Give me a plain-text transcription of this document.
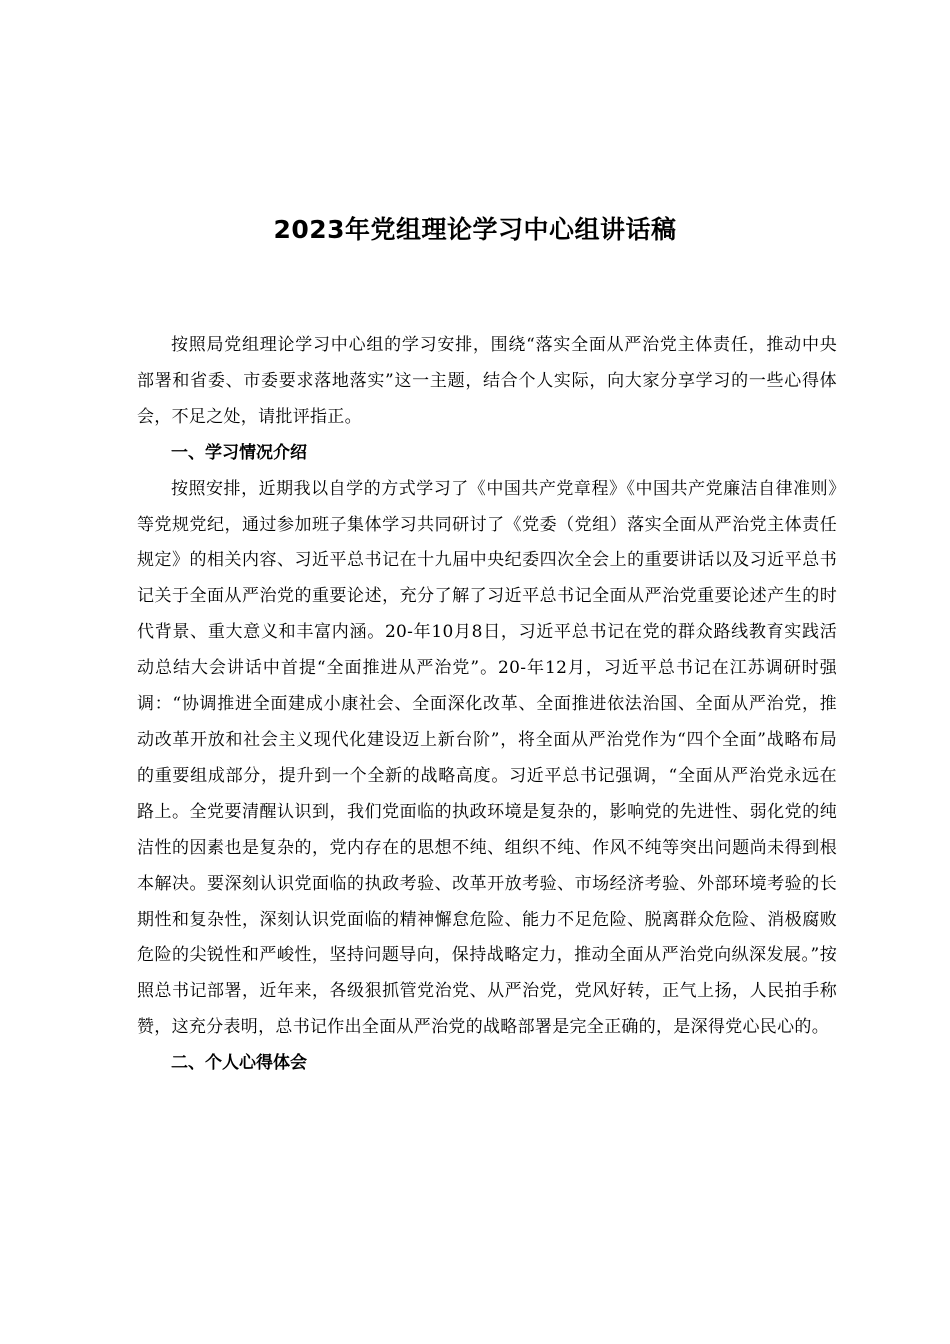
2023年党组理论学习中心组讲话稿

按照局党组理论学习中心组的学习安排，围绕“落实全面从严治党主体责任，推动中央部署和省委、市委要求落地落实”这一主题，结合个人实际，向大家分享学习的一些心得体会，不足之处，请批评指正。

一、学习情况介绍

按照安排，近期我以自学的方式学习了《中国共产党章程》《中国共产党廉洁自律准则》等党规党纪，通过参加班子集体学习共同研讨了《党委（党组）落实全面从严治党主体责任规定》的相关内容、习近平总书记在十九届中央纪委四次全会上的重要讲话以及习近平总书记关于全面从严治党的重要论述，充分了解了习近平总书记全面从严治党重要论述产生的时代背景、重大意义和丰富内涵。20-年10月8日，习近平总书记在党的群众路线教育实践活动总结大会讲话中首提“全面推进从严治党”。20-年12月，习近平总书记在江苏调研时强调：“协调推进全面建成小康社会、全面深化改革、全面推进依法治国、全面从严治党，推动改革开放和社会主义现代化建设迈上新台阶”，将全面从严治党作为“四个全面”战略布局的重要组成部分，提升到一个全新的战略高度。习近平总书记强调，“全面从严治党永远在路上。全党要清醒认识到，我们党面临的执政环境是复杂的，影响党的先进性、弱化党的纯洁性的因素也是复杂的，党内存在的思想不纯、组织不纯、作风不纯等突出问题尚未得到根本解决。要深刻认识党面临的执政考验、改革开放考验、市场经济考验、外部环境考验的长期性和复杂性，深刻认识党面临的精神懈怠危险、能力不足危险、脱离群众危险、消极腐败危险的尖锐性和严峻性，坚持问题导向，保持战略定力，推动全面从严治党向纵深发展。”按照总书记部署，近年来，各级狠抓管党治党、从严治党，党风好转，正气上扬，人民拍手称赞，这充分表明，总书记作出全面从严治党的战略部署是完全正确的，是深得党心民心的。

二、个人心得体会
